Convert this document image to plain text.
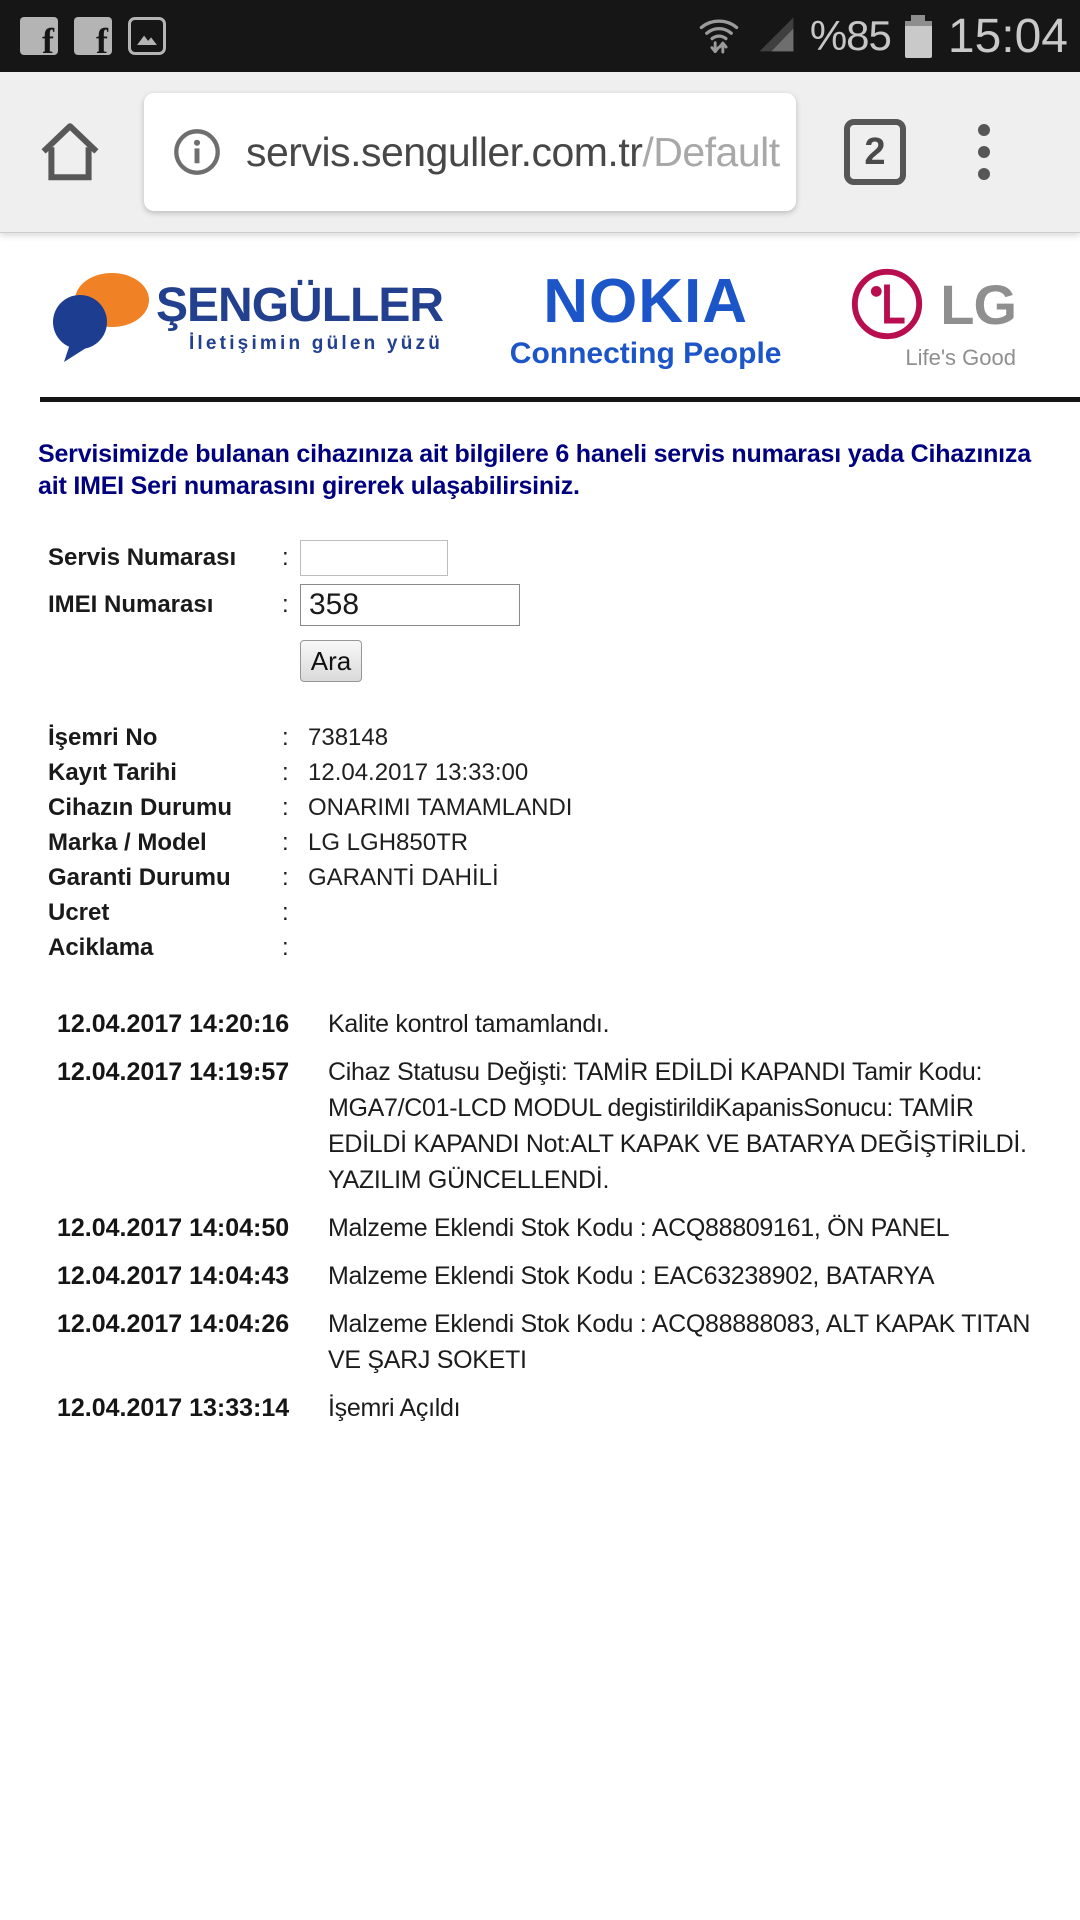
f f	%85 15:04
servis.senguller.com.tr/Default 2
ŞENGÜLLER
İletişimin gülen yüzü
NOKIA
Connecting People
LG
Life's Good

Servisimizde bulanan cihazınıza ait bilgilere 6 haneli servis numarası yada Cihazınıza ait IMEI Seri numarasını girerek ulaşabilirsiniz.

Servis Numarası	:
IMEI Numarası	:
358
Ara
İşemri No	: 738148
Kayıt Tarihi	: 12.04.2017 13:33:00
Cihazın Durumu	: ONARIMI TAMAMLANDI
Marka / Model	: LG LGH850TR
Garanti Durumu	: GARANTİ DAHİLİ
Ucret	:
Aciklama	:
12.04.2017 14:20:16	Kalite kontrol tamamlandı.
12.04.2017 14:19:57	Cihaz Statusu Değişti: TAMİR EDİLDİ KAPANDI Tamir Kodu: MGA7/C01-LCD MODUL degistirildiKapanisSonucu: TAMİR EDİLDİ KAPANDI Not:ALT KAPAK VE BATARYA DEĞİŞTİRİLDİ. YAZILIM GÜNCELLENDİ.
12.04.2017 14:04:50	Malzeme Eklendi Stok Kodu : ACQ88809161, ÖN PANEL
12.04.2017 14:04:43	Malzeme Eklendi Stok Kodu : EAC63238902, BATARYA
12.04.2017 14:04:26	Malzeme Eklendi Stok Kodu : ACQ88888083, ALT KAPAK TITAN VE ŞARJ SOKETI
12.04.2017 13:33:14	İşemri Açıldı
